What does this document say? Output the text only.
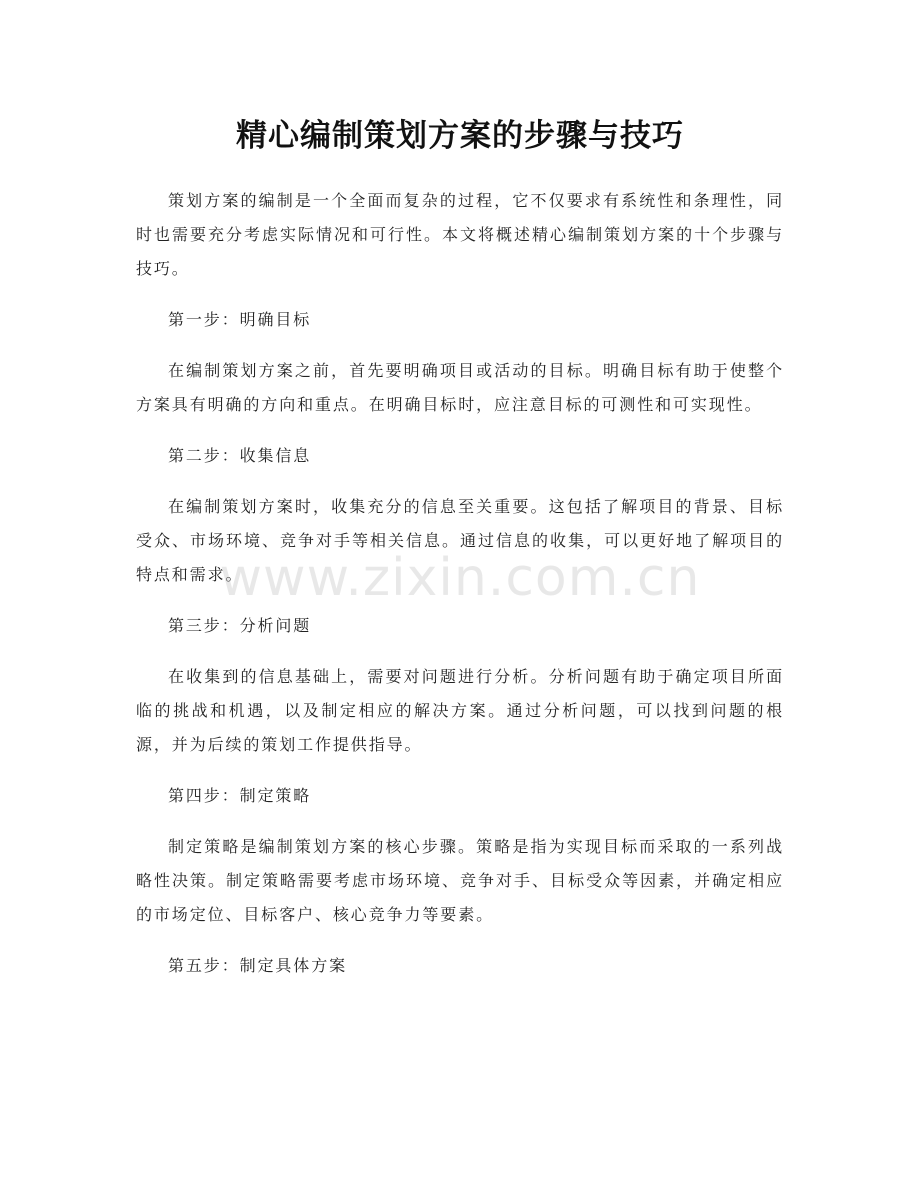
精心编制策划方案的步骤与技巧

策划方案的编制是一个全面而复杂的过程，它不仅要求有系统性和条理性，同时也需要充分考虑实际情况和可行性。本文将概述精心编制策划方案的十个步骤与技巧。

第一步：明确目标

在编制策划方案之前，首先要明确项目或活动的目标。明确目标有助于使整个方案具有明确的方向和重点。在明确目标时，应注意目标的可测性和可实现性。

第二步：收集信息

在编制策划方案时，收集充分的信息至关重要。这包括了解项目的背景、目标受众、市场环境、竞争对手等相关信息。通过信息的收集，可以更好地了解项目的特点和需求。

第三步：分析问题

在收集到的信息基础上，需要对问题进行分析。分析问题有助于确定项目所面临的挑战和机遇，以及制定相应的解决方案。通过分析问题，可以找到问题的根源，并为后续的策划工作提供指导。

第四步：制定策略

制定策略是编制策划方案的核心步骤。策略是指为实现目标而采取的一系列战略性决策。制定策略需要考虑市场环境、竞争对手、目标受众等因素，并确定相应的市场定位、目标客户、核心竞争力等要素。

第五步：制定具体方案

www.zixin.com.cn
